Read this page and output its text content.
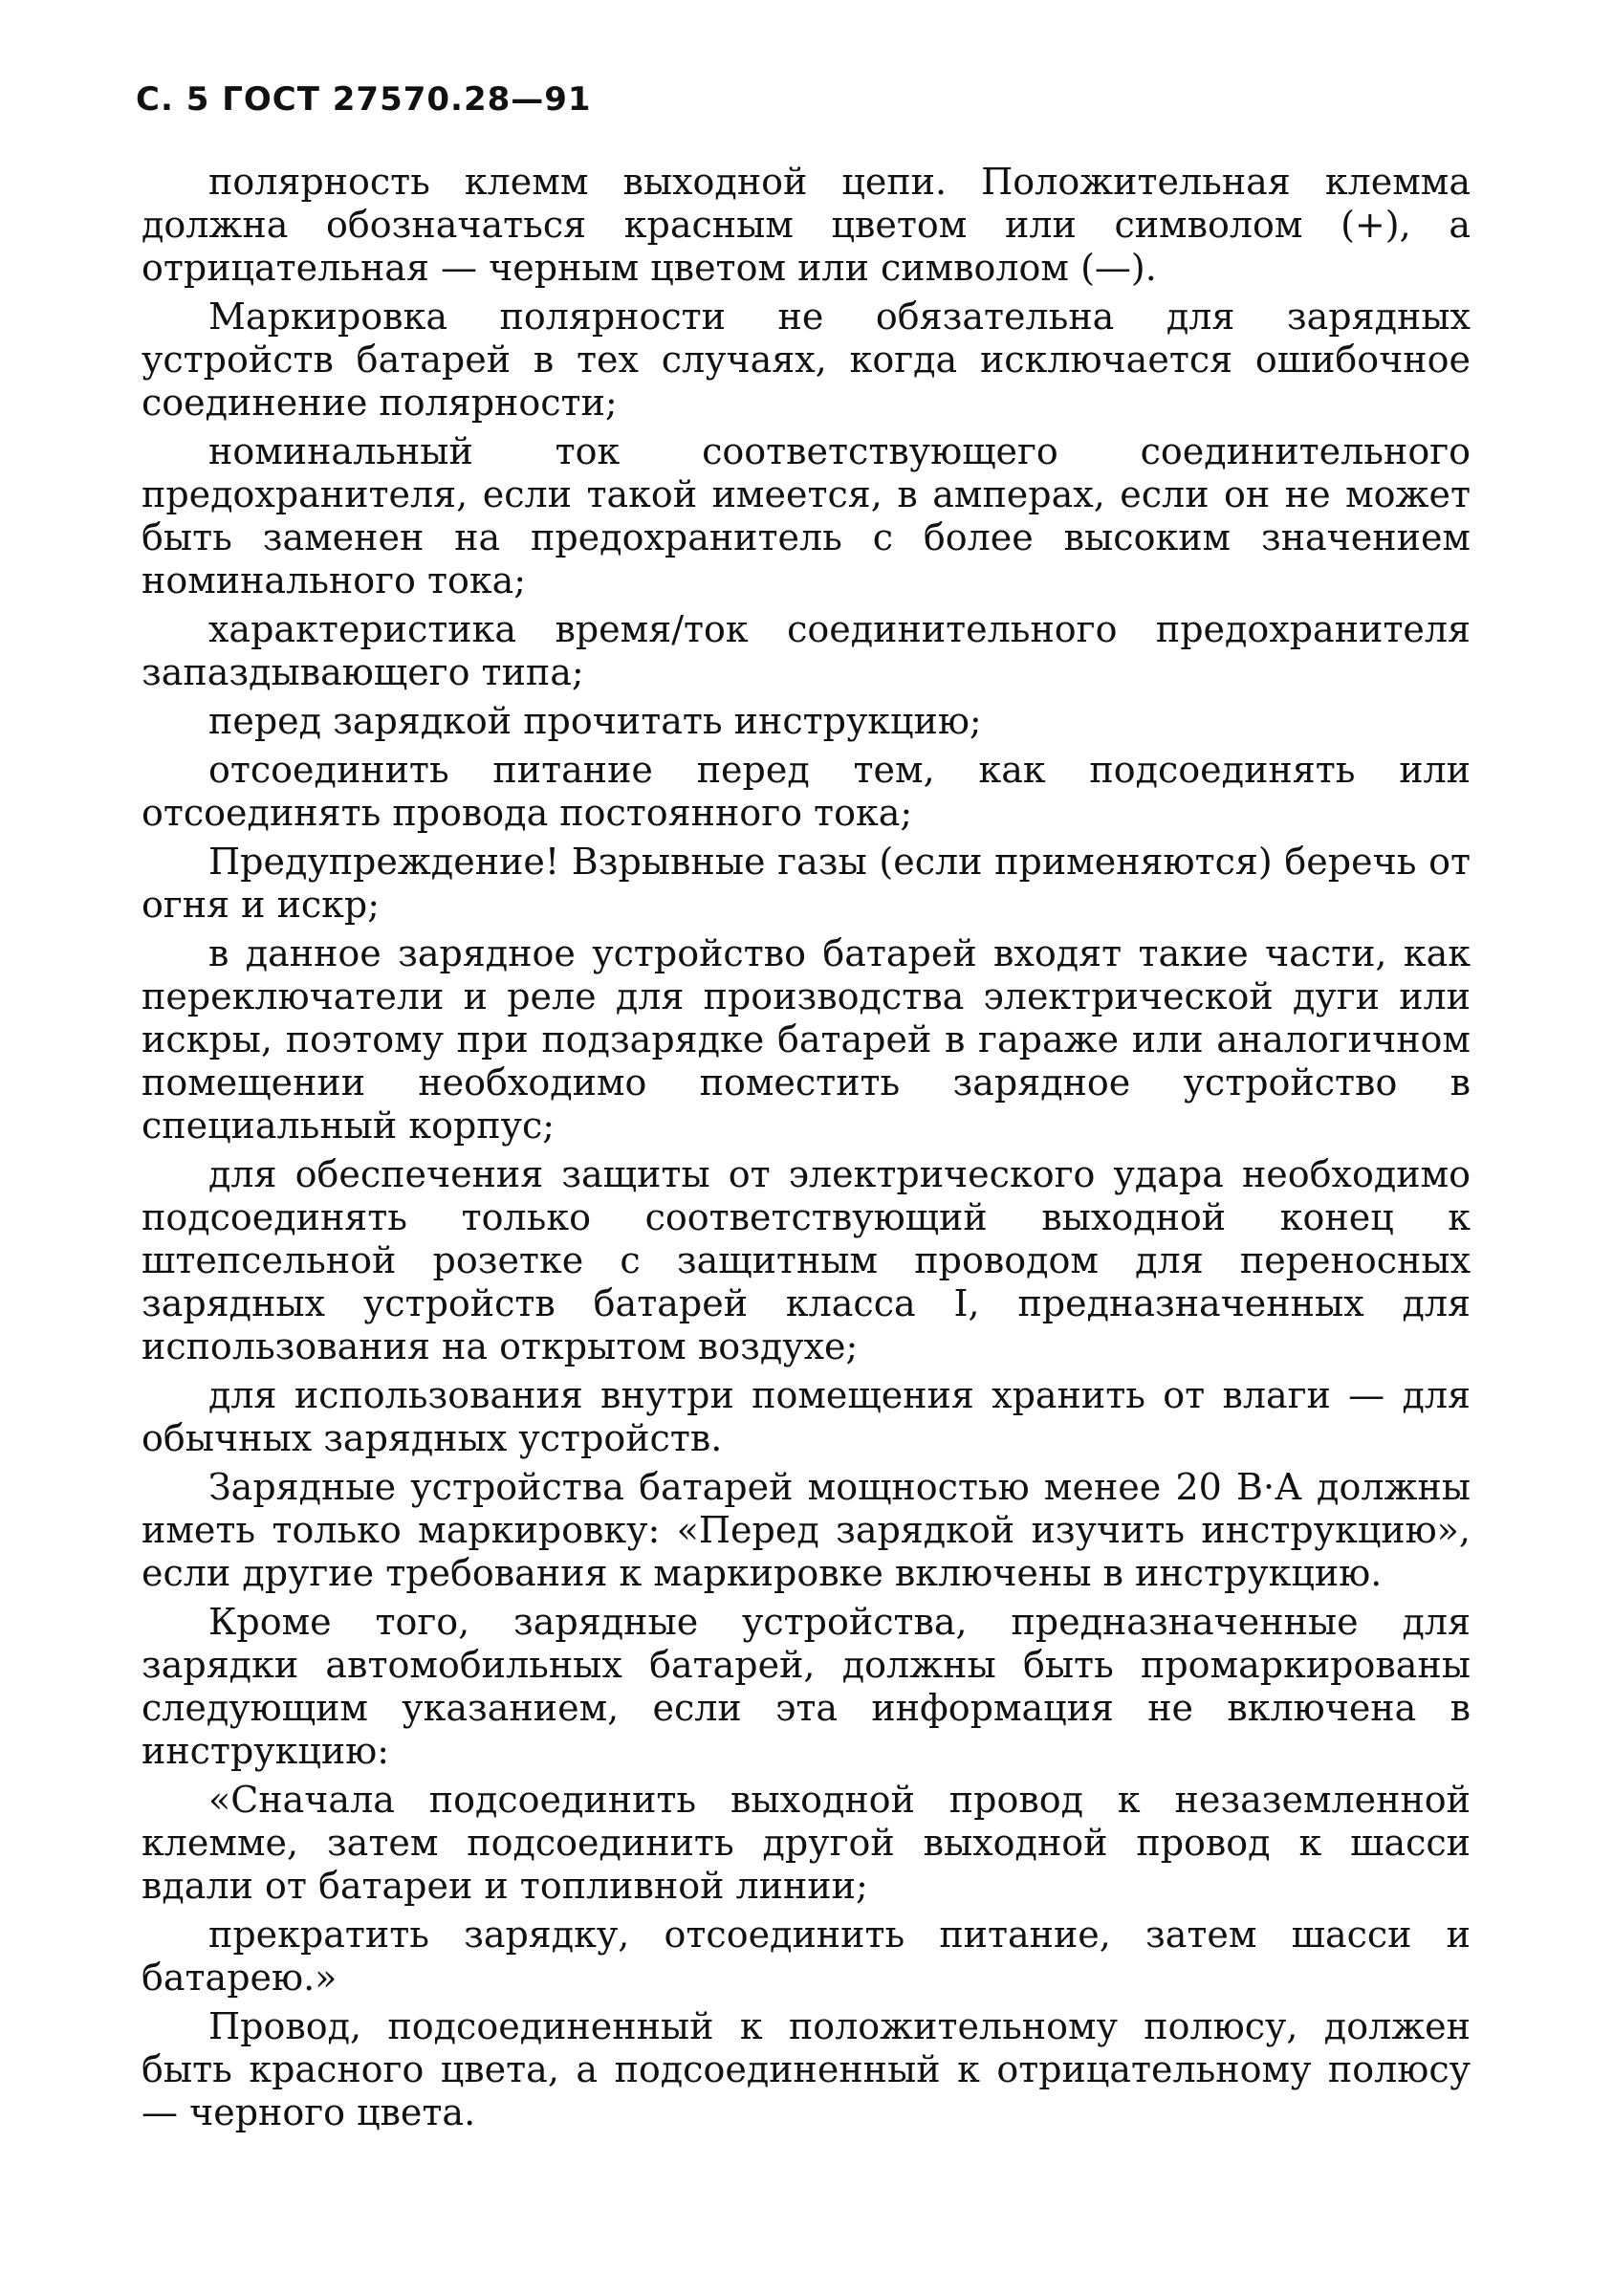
С. 5 ГОСТ 27570.28—91

полярность клемм выходной цепи. Положительная клемма должна обозначаться красным цветом или символом (+), а отрицательная — черным цветом или символом (—).

Маркировка полярности не обязательна для зарядных устройств батарей в тех случаях, когда исключается ошибочное соединение полярности;

номинальный ток соответствующего соединительного предохранителя, если такой имеется, в амперах, если он не может быть заменен на предохранитель с более высоким значением номинального тока;

характеристика время/ток соединительного предохранителя запаздывающего типа;

перед зарядкой прочитать инструкцию;

отсоединить питание перед тем, как подсоединять или отсоединять провода постоянного тока;

Предупреждение! Взрывные газы (если применяются) беречь от огня и искр;

в данное зарядное устройство батарей входят такие части, как переключатели и реле для производства электрической дуги или искры, поэтому при подзарядке батарей в гараже или аналогичном помещении необходимо поместить зарядное устройство в специальный корпус;

для обеспечения защиты от электрического удара необходимо подсоединять только соответствующий выходной конец к штепсельной розетке с защитным проводом для переносных зарядных устройств батарей класса I, предназначенных для использования на открытом воздухе;

для использования внутри помещения хранить от влаги — для обычных зарядных устройств.

Зарядные устройства батарей мощностью менее 20 В·А должны иметь только маркировку: «Перед зарядкой изучить инструкцию», если другие требования к маркировке включены в инструкцию.

Кроме того, зарядные устройства, предназначенные для зарядки автомобильных батарей, должны быть промаркированы следующим указанием, если эта информация не включена в инструкцию:

«Сначала подсоединить выходной провод к незаземленной клемме, затем подсоединить другой выходной провод к шасси вдали от батареи и топливной линии;

прекратить зарядку, отсоединить питание, затем шасси и батарею.»

Провод, подсоединенный к положительному полюсу, должен быть красного цвета, а подсоединенный к отрицательному полюсу — черного цвета.
